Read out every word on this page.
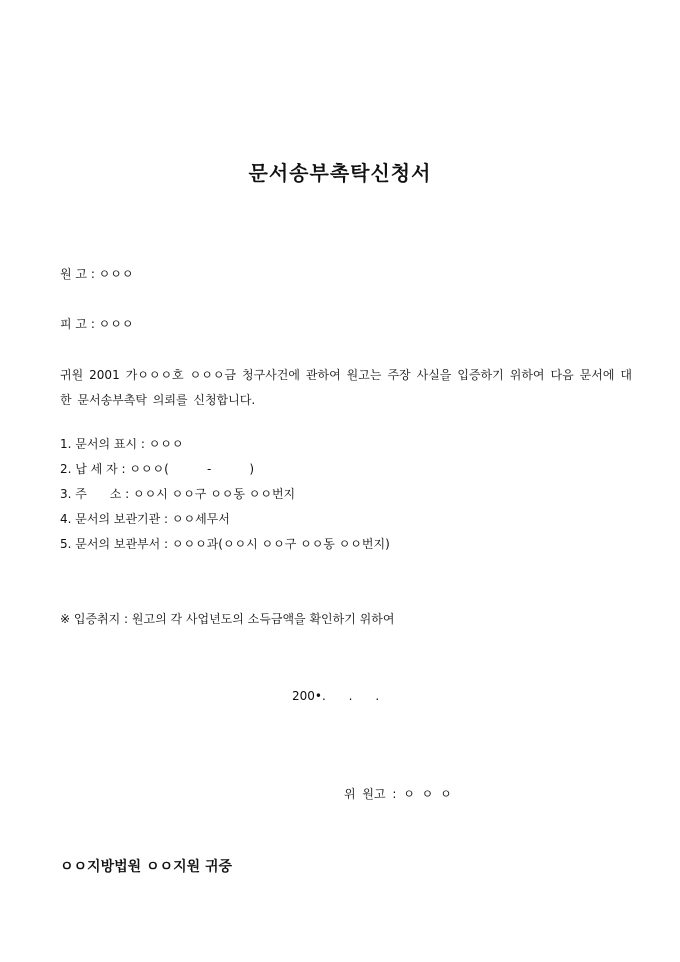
문서송부촉탁신청서
원 고 : ㅇㅇㅇ
피 고 : ㅇㅇㅇ
귀원 2001 가ㅇㅇㅇ호 ㅇㅇㅇ금 청구사건에 관하여 원고는 주장 사실을 입증하기 위하여 다음 문서에 대한 문서송부촉탁 의뢰를 신청합니다.
1. 문서의 표시 : ㅇㅇㅇ
2. 납 세 자 : ㅇㅇㅇ(          -          )
3. 주      소 : ㅇㅇ시 ㅇㅇ구 ㅇㅇ동 ㅇㅇ번지
4. 문서의 보관기관 : ㅇㅇ세무서
5. 문서의 보관부서 : ㅇㅇㅇ과(ㅇㅇ시 ㅇㅇ구 ㅇㅇ동 ㅇㅇ번지)
※ 입증취지 : 원고의 각 사업년도의 소득금액을 확인하기 위하여
200•.      .      .
위 원고 : ㅇ ㅇ ㅇ
ㅇㅇ지방법원 ㅇㅇ지원 귀중
